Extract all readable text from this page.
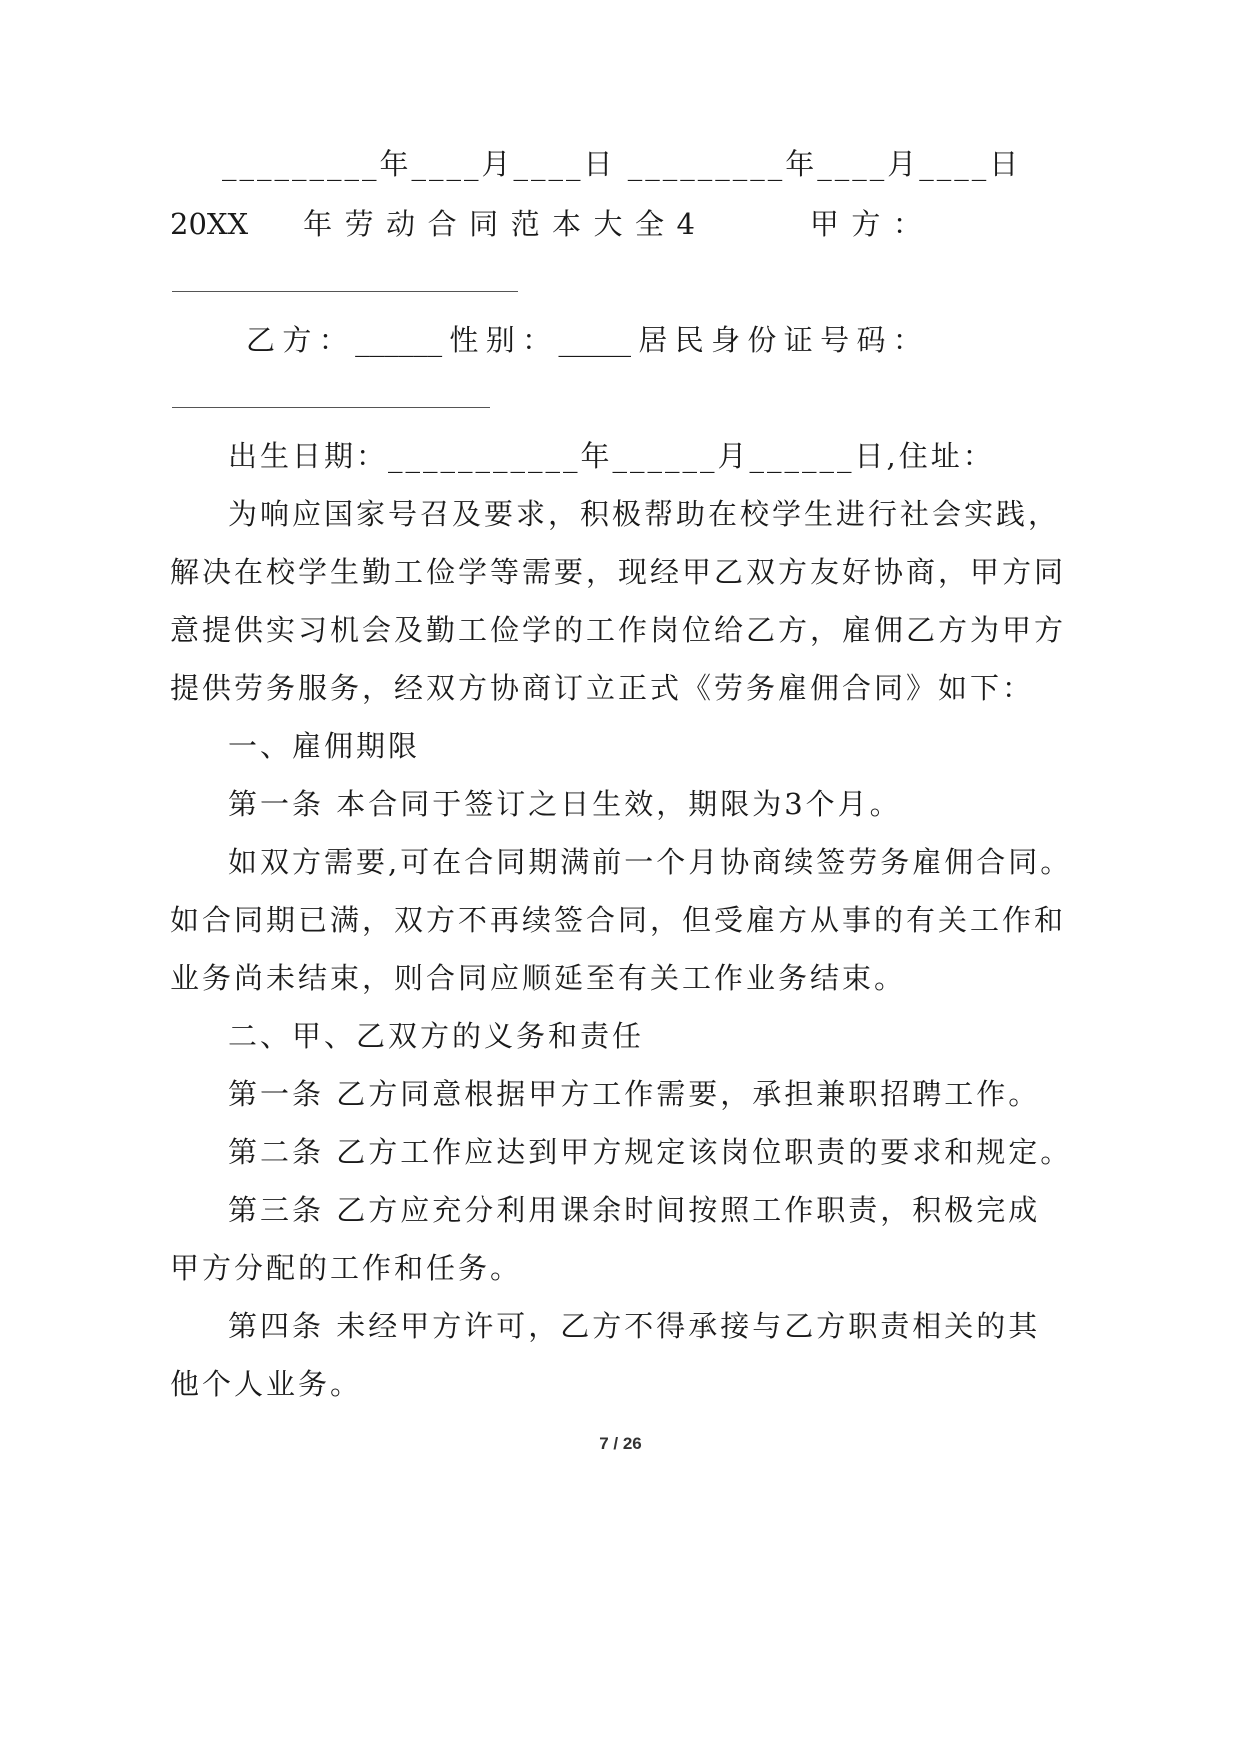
_________年____月____日 _________年____月____日
20XX 年 劳 动 合 同 范 本 大 全 4	甲 方 ：
乙 方 ： ______ 性 别 ： _____ 居 民 身 份 证 号 码 ：
出生日期：___________年______月______日,住址：
为响应国家号召及要求，积极帮助在校学生进行社会实践，
解决在校学生勤工俭学等需要，现经甲乙双方友好协商，甲方同
意提供实习机会及勤工俭学的工作岗位给乙方，雇佣乙方为甲方
提供劳务服务，经双方协商订立正式《劳务雇佣合同》如下：
一、雇佣期限
第一条 本合同于签订之日生效，期限为3个月。
如双方需要,可在合同期满前一个月协商续签劳务雇佣合同。
如合同期已满，双方不再续签合同，但受雇方从事的有关工作和
业务尚未结束，则合同应顺延至有关工作业务结束。
二、甲、乙双方的义务和责任
第一条 乙方同意根据甲方工作需要，承担兼职招聘工作。
第二条 乙方工作应达到甲方规定该岗位职责的要求和规定。
第三条 乙方应充分利用课余时间按照工作职责，积极完成
甲方分配的工作和任务。
第四条 未经甲方许可，乙方不得承接与乙方职责相关的其
他个人业务。
7 / 26
